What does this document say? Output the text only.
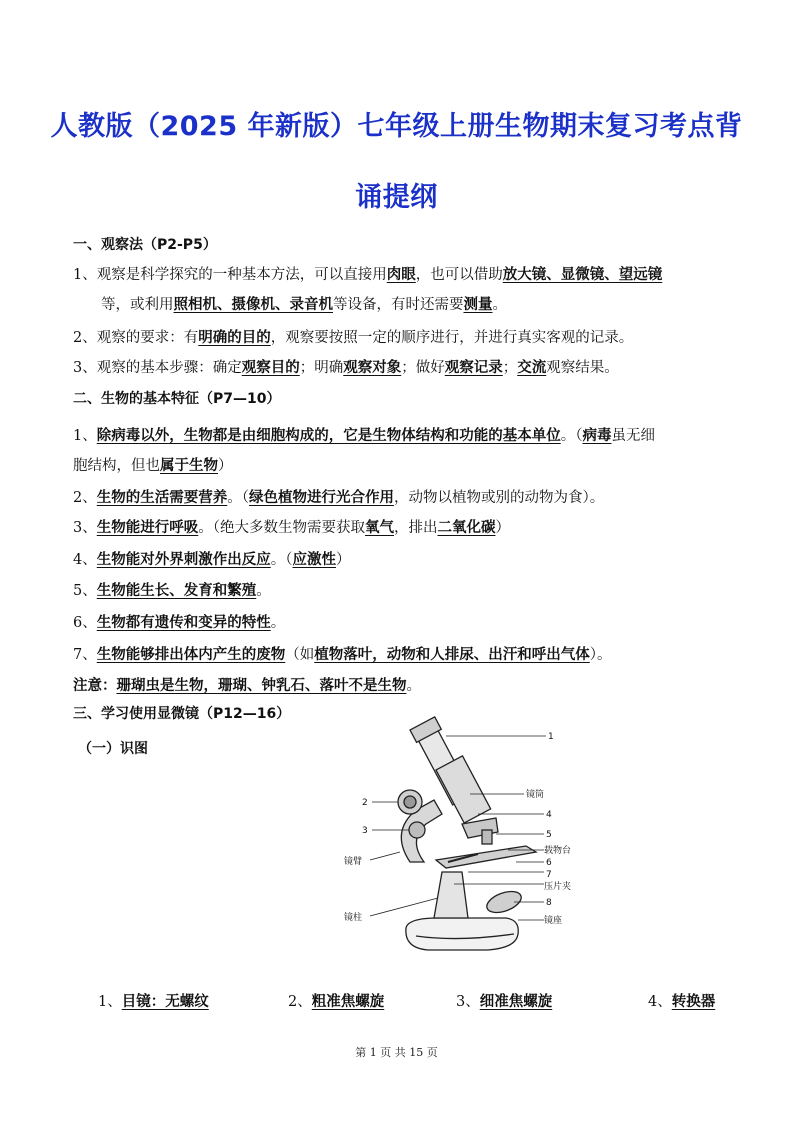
人教版（2025 年新版）七年级上册生物期末复习考点背
诵提纲
一、观察法（P2-P5）
1、观察是科学探究的一种基本方法，可以直接用肉眼，也可以借助放大镜、显微镜、望远镜
等，或利用照相机、摄像机、录音机等设备，有时还需要测量。
2、观察的要求：有明确的目的，观察要按照一定的顺序进行，并进行真实客观的记录。
3、观察的基本步骤：确定观察目的；明确观察对象；做好观察记录；交流观察结果。
二、生物的基本特征（P7—10）
1、除病毒以外，生物都是由细胞构成的，它是生物体结构和功能的基本单位。（病毒虽无细
胞结构，但也属于生物）
2、生物的生活需要营养。（绿色植物进行光合作用，动物以植物或别的动物为食）。
3、生物能进行呼吸。（绝大多数生物需要获取氧气，排出二氧化碳）
4、生物能对外界刺激作出反应。（应激性）
5、生物能生长、发育和繁殖。
6、生物都有遗传和变异的特性。
7、生物能够排出体内产生的废物（如植物落叶，动物和人排尿、出汗和呼出气体）。
注意：珊瑚虫是生物，珊瑚、钟乳石、落叶不是生物。
三、学习使用显微镜（P12—16）
（一）识图
1
镜筒
4
5
载物台
6
7
压片夹
8
镜座
2
3
镜臂
镜柱
1、目镜：无螺纹	2、粗准焦螺旋	3、细准焦螺旋	4、转换器
第 1 页 共 15 页
